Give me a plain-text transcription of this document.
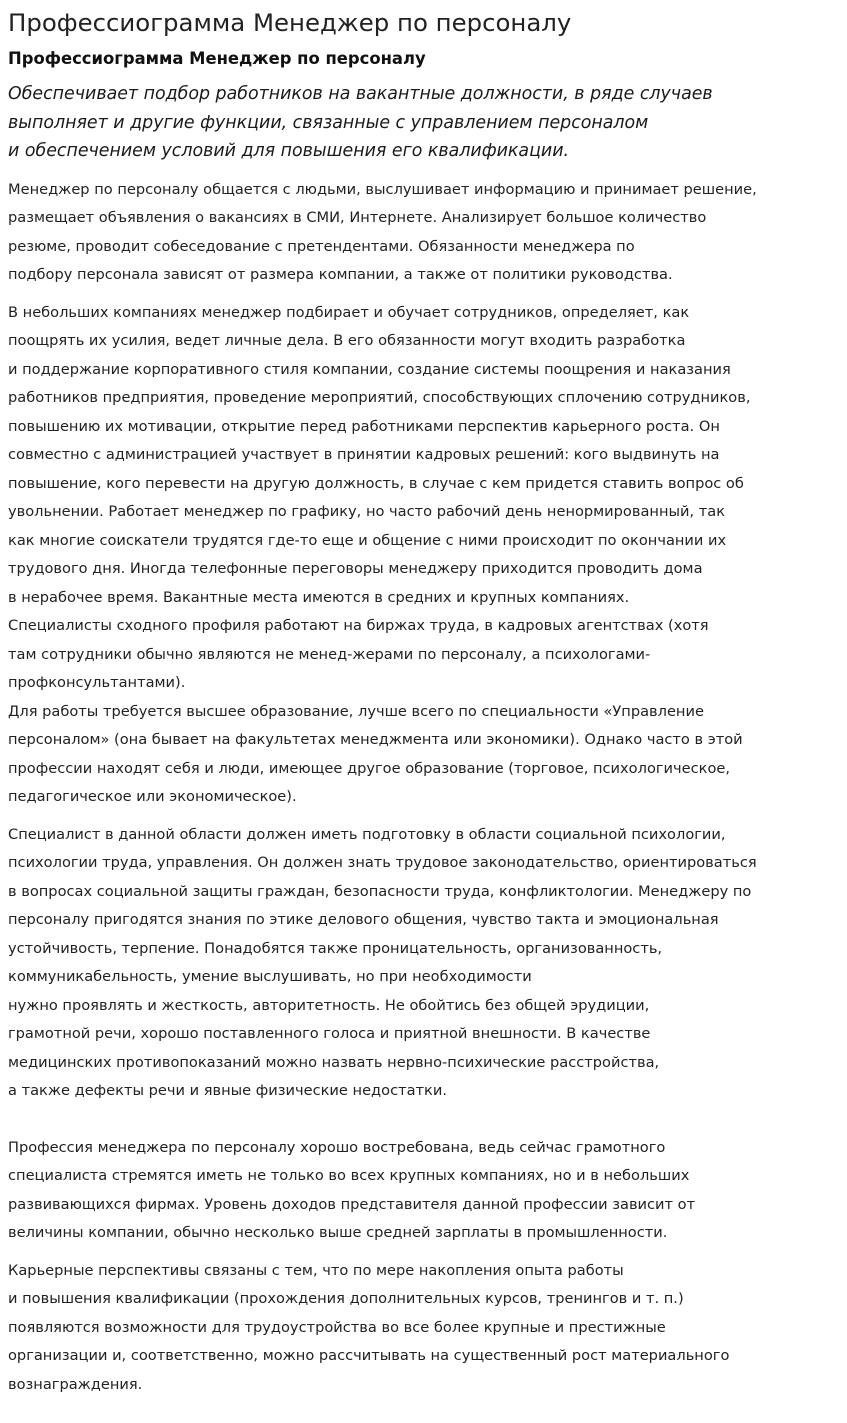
Профессиограмма Менеджер по персоналу
Профессиограмма Менеджер по персоналу
Обеспечивает подбор работников на вакантные должности, в ряде случаев
выполняет и другие функции, связанные с управлением персоналом
и обеспечением условий для повышения его квалификации.

Менеджер по персоналу общается с людьми, выслушивает информацию и принимает решение,
размещает объявления о вакансиях в СМИ, Интернете. Анализирует большое количество
резюме, проводит собеседование с претендентами. Обязанности менеджера по
подбору персонала зависят от размера компании, а также от политики руководства.

В небольших компаниях менеджер подбирает и обучает сотрудников, определяет, как
поощрять их усилия, ведет личные дела. В его обязанности могут входить разработка
и поддержание корпоративного стиля компании, создание системы поощрения и наказания
работников предприятия, проведение мероприятий, способствующих сплочению сотрудников,
повышению их мотивации, открытие перед работниками перспектив карьерного роста. Он
совместно с администрацией участвует в принятии кадровых решений: кого выдвинуть на
повышение, кого перевести на другую должность, в случае с кем придется ставить вопрос об
увольнении. Работает менеджер по графику, но часто рабочий день ненормированный, так
как многие соискатели трудятся где-то еще и общение с ними происходит по окончании их
трудового дня. Иногда телефонные переговоры менеджеру приходится проводить дома
в нерабочее время. Вакантные места имеются в средних и крупных компаниях.
Специалисты сходного профиля работают на биржах труда, в кадровых агентствах (хотя
там сотрудники обычно являются не менед-жерами по персоналу, а психологами-
профконсультантами).
Для работы требуется высшее образование, лучше всего по специальности «Управление
персоналом» (она бывает на факультетах менеджмента или экономики). Однако часто в этой
профессии находят себя и люди, имеющее другое образование (торговое, психологическое,
педагогическое или экономическое).

Специалист в данной области должен иметь подготовку в области социальной психологии,
психологии труда, управления. Он должен знать трудовое законодательство, ориентироваться
в вопросах социальной защиты граждан, безопасности труда, конфликтологии. Менеджеру по
персоналу пригодятся знания по этике делового общения, чувство такта и эмоциональная
устойчивость, терпение. Понадобятся также проницательность, организованность,
коммуникабельность, умение выслушивать, но при необходимости
нужно проявлять и жесткость, авторитетность. Не обойтись без общей эрудиции,
грамотной речи, хорошо поставленного голоса и приятной внешности. В качестве
медицинских противопоказаний можно назвать нервно-психические расстройства,
а также дефекты речи и явные физические недостатки.

Профессия менеджера по персоналу хорошо востребована, ведь сейчас грамотного
специалиста стремятся иметь не только во всех крупных компаниях, но и в небольших
развивающихся фирмах. Уровень доходов представителя данной профессии зависит от
величины компании, обычно несколько выше средней зарплаты в промышленности.

Карьерные перспективы связаны с тем, что по мере накопления опыта работы
и повышения квалификации (прохождения дополнительных курсов, тренингов и т. п.)
появляются возможности для трудоустройства во все более крупные и престижные
организации и, соответственно, можно рассчитывать на существенный рост материального
вознаграждения.
